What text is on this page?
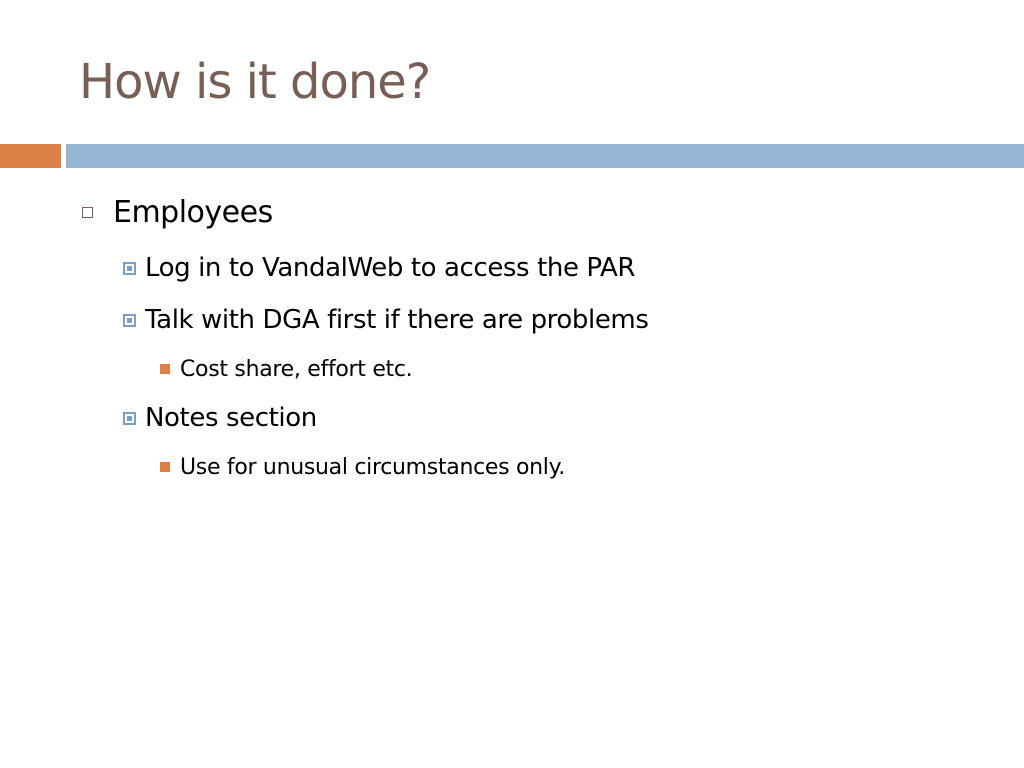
How is it done?
Employees
Log in to VandalWeb to access the PAR
Talk with DGA first if there are problems
Cost share, effort etc.
Notes section
Use for unusual circumstances only.
